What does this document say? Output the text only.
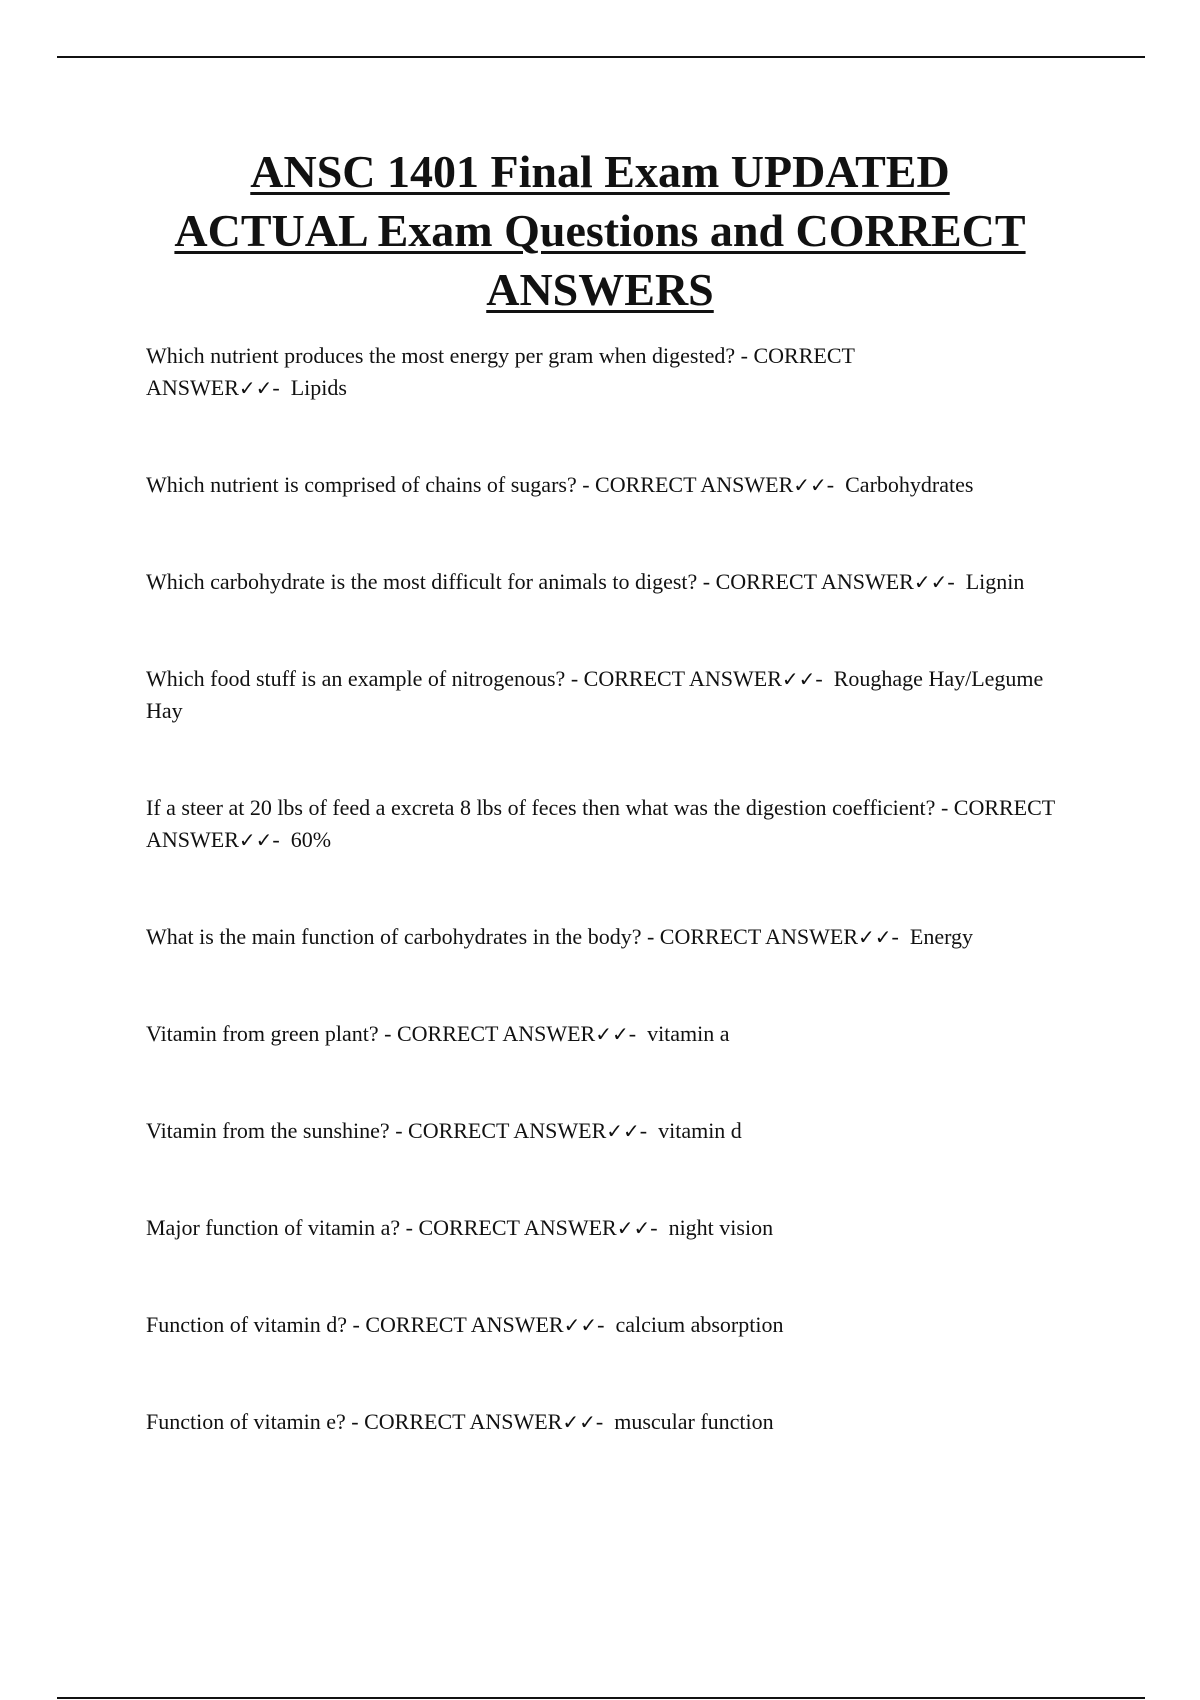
ANSC 1401 Final Exam UPDATED
ACTUAL Exam Questions and CORRECT
ANSWERS
Which nutrient produces the most energy per gram when digested? - CORRECT ANSWER✓✓-  Lipids
Which nutrient is comprised of chains of sugars? - CORRECT ANSWER✓✓-  Carbohydrates
Which carbohydrate is the most difficult for animals to digest? - CORRECT ANSWER✓✓-  Lignin
Which food stuff is an example of nitrogenous? - CORRECT ANSWER✓✓-  Roughage Hay/Legume Hay
If a steer at 20 lbs of feed a excreta 8 lbs of feces then what was the digestion coefficient? - CORRECT ANSWER✓✓-  60%
What is the main function of carbohydrates in the body? - CORRECT ANSWER✓✓-  Energy
Vitamin from green plant? - CORRECT ANSWER✓✓-  vitamin a
Vitamin from the sunshine? - CORRECT ANSWER✓✓-  vitamin d
Major function of vitamin a? - CORRECT ANSWER✓✓-  night vision
Function of vitamin d? - CORRECT ANSWER✓✓-  calcium absorption
Function of vitamin e? - CORRECT ANSWER✓✓-  muscular function
